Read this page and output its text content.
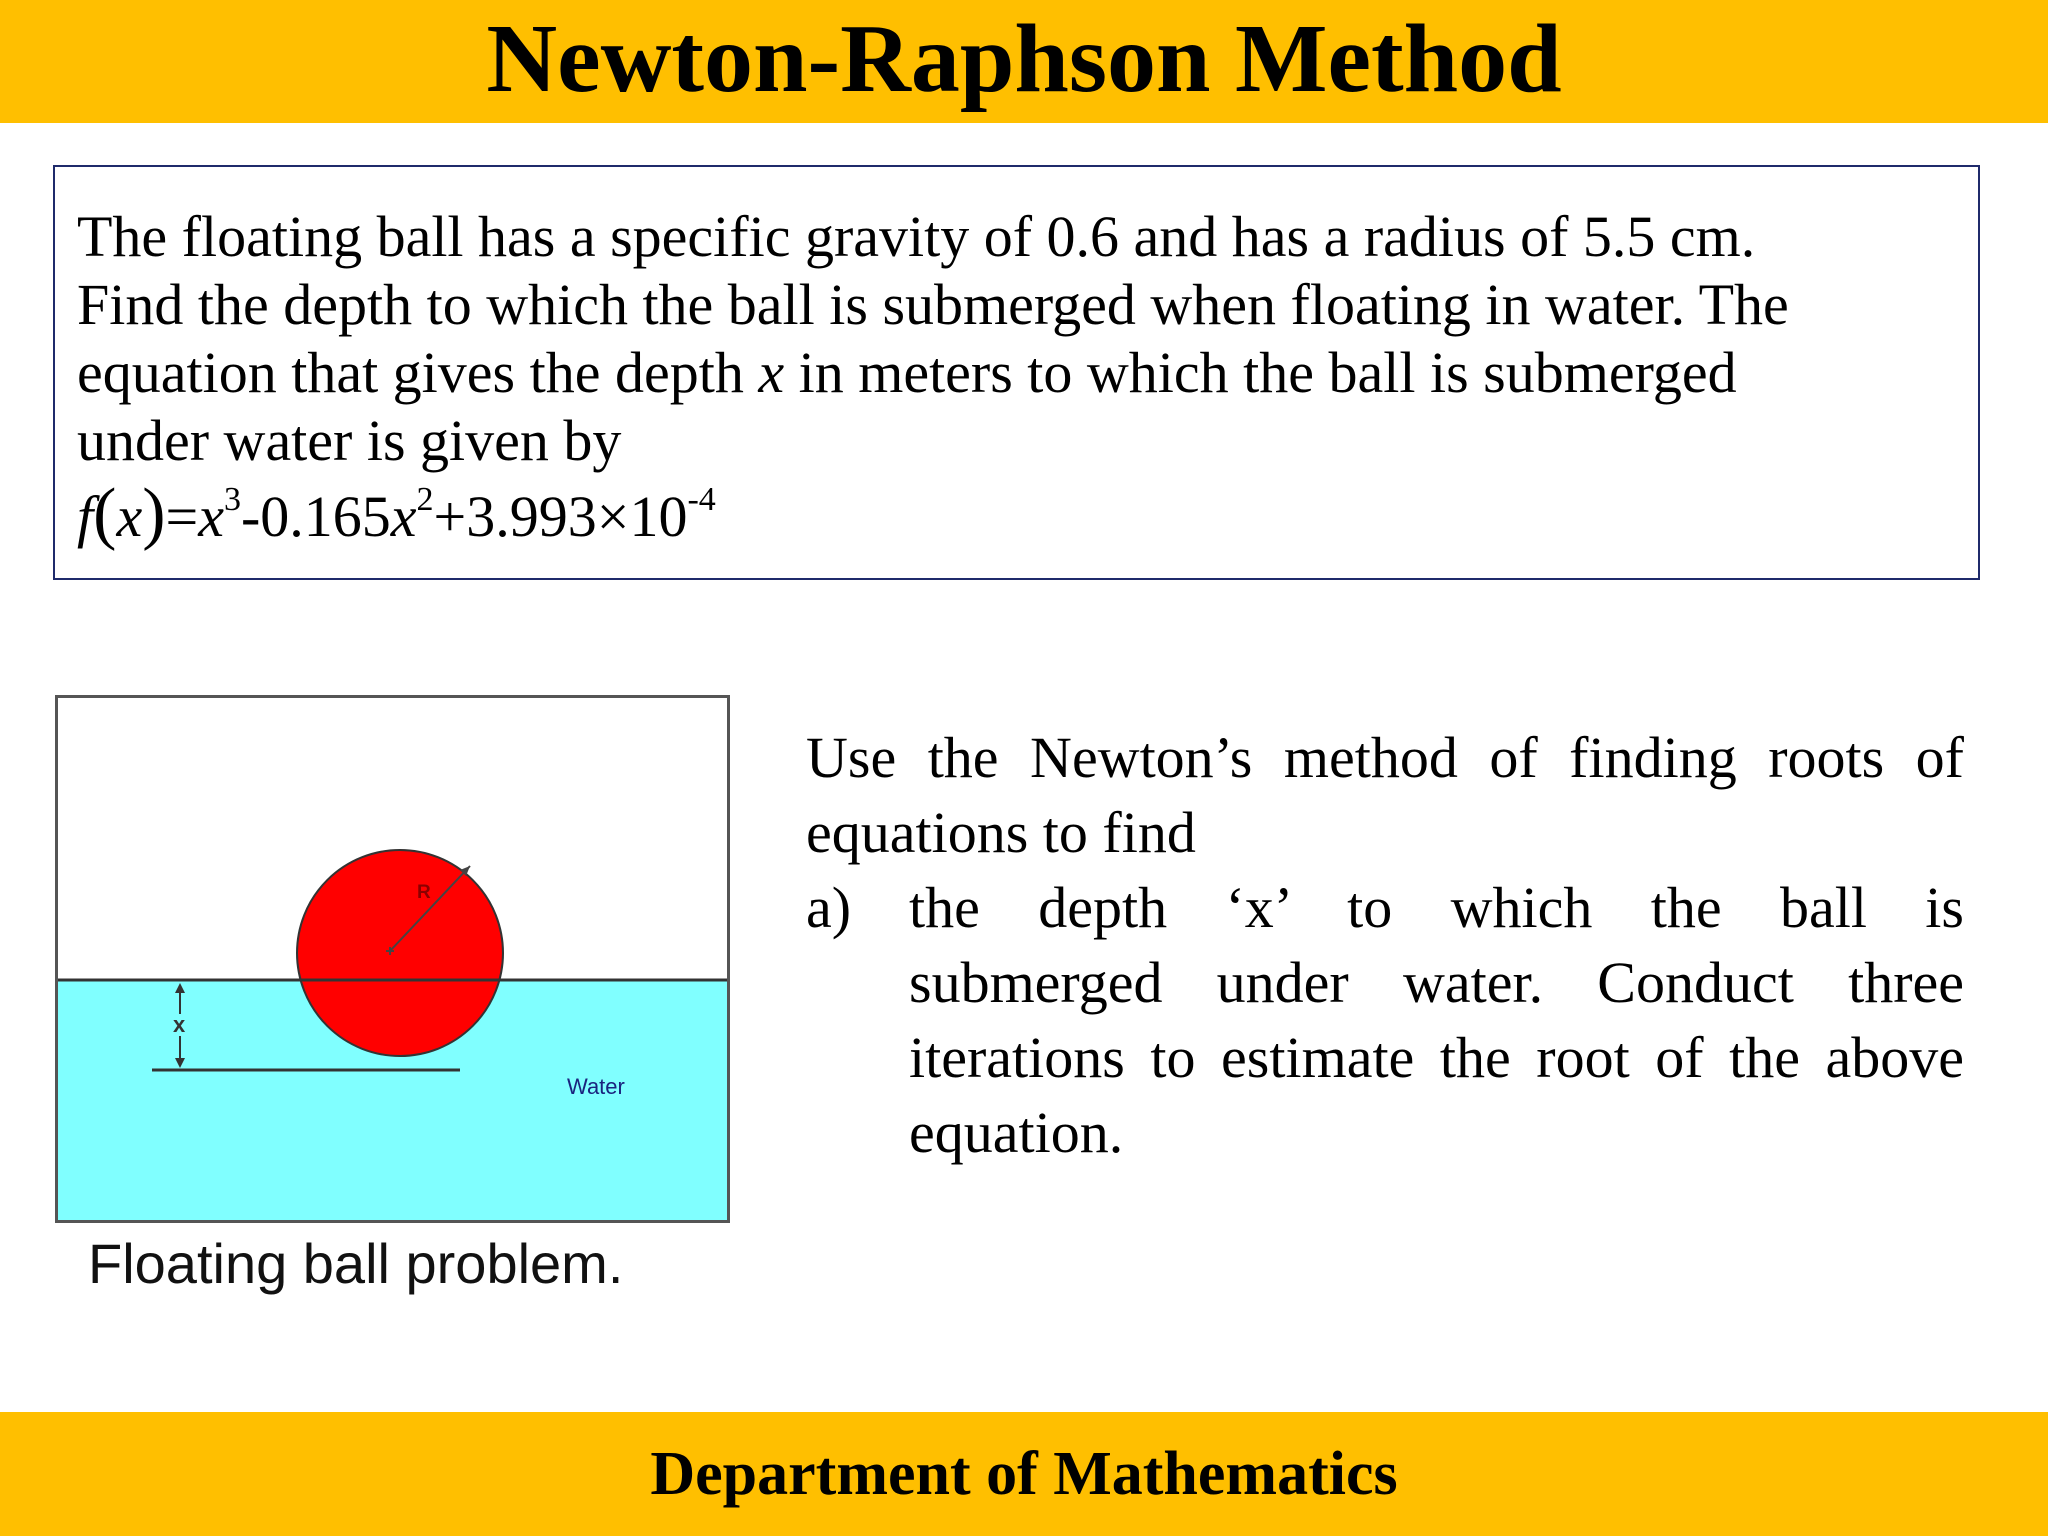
Newton-Raphson Method

The floating ball has a specific gravity of 0.6 and has a radius of 5.5 cm.
Find the depth to which the ball is submerged when floating in water. The
equation that gives the depth x in meters to which the ball is submerged
under water is given by

$f(x)=x^3-0.165x^2+3.993\times 10^{-4}$
R
x
Water
Floating ball problem.

Use the Newton’s method of finding roots of equations to find

a) the depth ‘x’ to which the ball is submerged under water. Conduct three iterations to estimate the root of the above equation.
Department of Mathematics
